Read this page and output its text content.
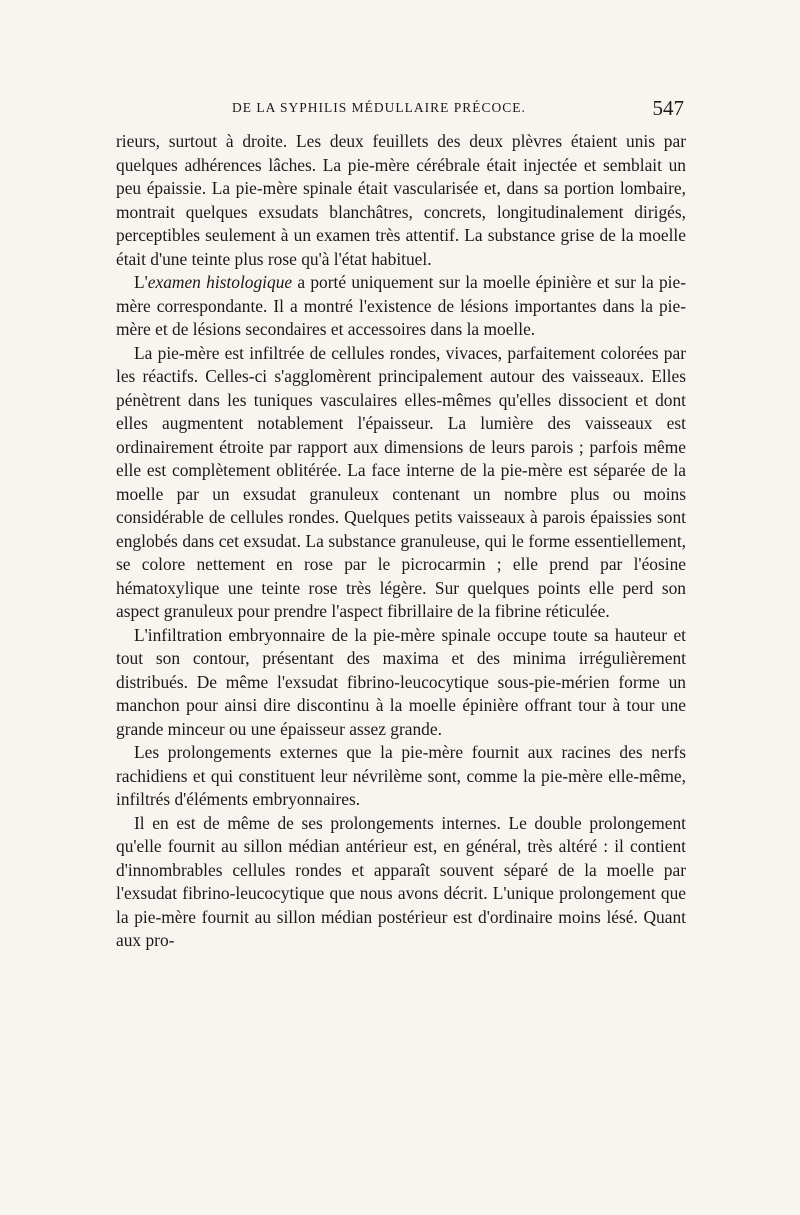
DE LA SYPHILIS MÉDULLAIRE PRÉCOCE.	547

rieurs, surtout à droite. Les deux feuillets des deux plèvres étaient unis par quelques adhérences lâches. La pie-mère cérébrale était injectée et semblait un peu épaissie. La pie-mère spinale était vascularisée et, dans sa portion lombaire, montrait quelques exsudats blanchâtres, concrets, longitudinalement dirigés, perceptibles seulement à un examen très attentif. La substance grise de la moelle était d'une teinte plus rose qu'à l'état habituel.

L'examen histologique a porté uniquement sur la moelle épinière et sur la pie-mère correspondante. Il a montré l'existence de lésions importantes dans la pie-mère et de lésions secondaires et accessoires dans la moelle.

La pie-mère est infiltrée de cellules rondes, vivaces, parfaitement colorées par les réactifs. Celles-ci s'agglomèrent principalement autour des vaisseaux. Elles pénètrent dans les tuniques vasculaires elles-mêmes qu'elles dissocient et dont elles augmentent notablement l'épaisseur. La lumière des vaisseaux est ordinairement étroite par rapport aux dimensions de leurs parois ; parfois même elle est complètement oblitérée. La face interne de la pie-mère est séparée de la moelle par un exsudat granuleux contenant un nombre plus ou moins considérable de cellules rondes. Quelques petits vaisseaux à parois épaissies sont englobés dans cet exsudat. La substance granuleuse, qui le forme essentiellement, se colore nettement en rose par le picrocarmin ; elle prend par l'éosine hématoxylique une teinte rose très légère. Sur quelques points elle perd son aspect granuleux pour prendre l'aspect fibrillaire de la fibrine réticulée.

L'infiltration embryonnaire de la pie-mère spinale occupe toute sa hauteur et tout son contour, présentant des maxima et des minima irrégulièrement distribués. De même l'exsudat fibrino-leucocytique sous-pie-mérien forme un manchon pour ainsi dire discontinu à la moelle épinière offrant tour à tour une grande minceur ou une épaisseur assez grande.

Les prolongements externes que la pie-mère fournit aux racines des nerfs rachidiens et qui constituent leur névrilème sont, comme la pie-mère elle-même, infiltrés d'éléments embryonnaires.

Il en est de même de ses prolongements internes. Le double prolongement qu'elle fournit au sillon médian antérieur est, en général, très altéré : il contient d'innombrables cellules rondes et apparaît souvent séparé de la moelle par l'exsudat fibrino-leucocytique que nous avons décrit. L'unique prolongement que la pie-mère fournit au sillon médian postérieur est d'ordinaire moins lésé. Quant aux pro-
